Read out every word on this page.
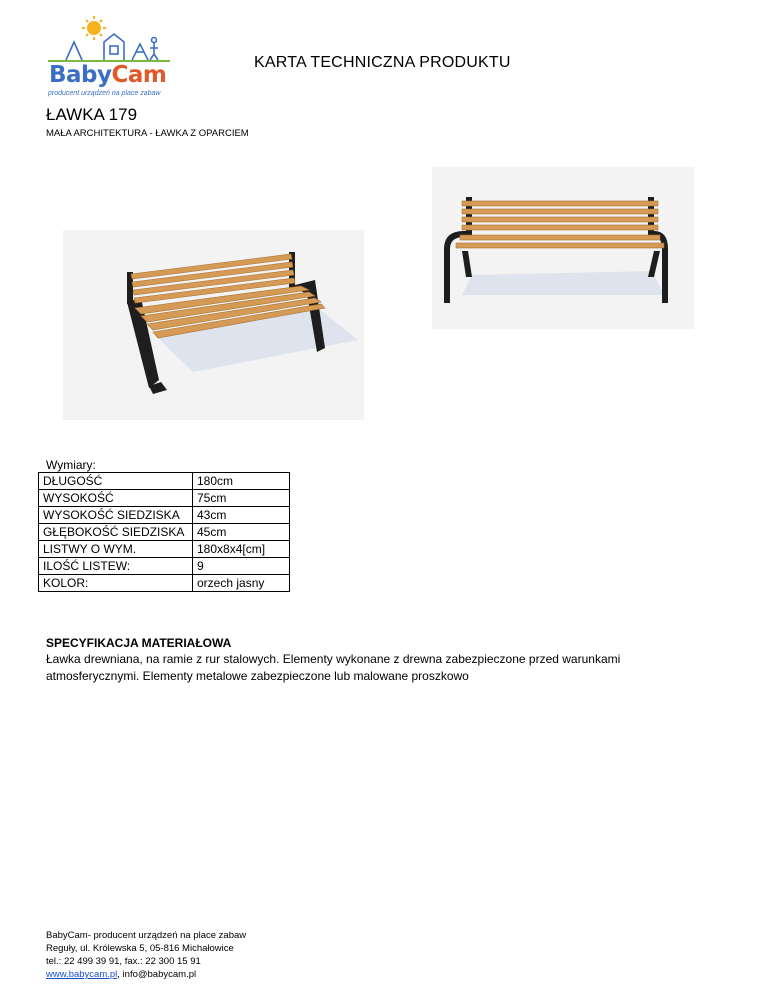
BabyCam
producent urządzeń na place zabaw
KARTA TECHNICZNA PRODUKTU
ŁAWKA 179
MAŁA ARCHITEKTURA - ŁAWKA Z OPARCIEM
Wymiary:
DŁUGOŚĆ	180cm
WYSOKOŚĆ	75cm
WYSOKOŚĆ SIEDZISKA	43cm
GŁĘBOKOŚĆ SIEDZISKA	45cm
LISTWY O WYM.	180x8x4[cm]
ILOŚĆ LISTEW:	9
KOLOR:	orzech jasny
SPECYFIKACJA MATERIAŁOWA
Ławka drewniana, na ramie z rur stalowych. Elementy wykonane z drewna zabezpieczone przed warunkami atmosferycznymi. Elementy metalowe zabezpieczone lub malowane proszkowo
BabyCam- producent urządzeń na place zabaw
Reguły, ul. Królewska 5, 05-816 Michałowice
tel.: 22 499 39 91, fax.: 22 300 15 91
www.babycam.pl, info@babycam.pl
